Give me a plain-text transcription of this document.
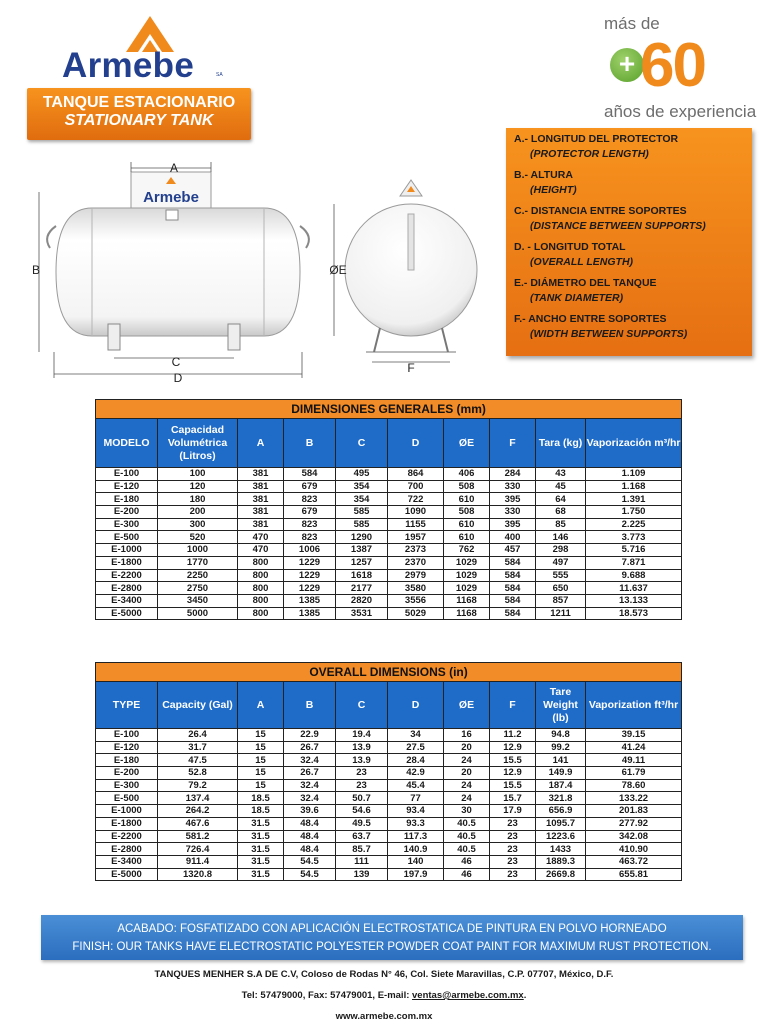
Armebe	SA
más de
+ 60
años de experiencia
TANQUE ESTACIONARIO
STATIONARY TANK
A.- LONGITUD DEL PROTECTOR
(PROTECTOR LENGTH)
B.- ALTURA
(HEIGHT)
C.- DISTANCIA ENTRE SOPORTES
(DISTANCE BETWEEN SUPPORTS)
D. - LONGITUD TOTAL
(OVERALL LENGTH)
E.- DIÁMETRO DEL TANQUE
(TANK DIAMETER)
F.- ANCHO ENTRE SOPORTES
(WIDTH BETWEEN SUPPORTS)
Armebe
A
B
C
D
ØE
F
DIMENSIONES GENERALES (mm)									
MODELO	Capacidad Volumétrica (Litros)	A	B	C	D	ØE	F	Tara (kg)	Vaporización m³/hr
E-100	100	381	584	495	864	406	284	43	1.109
E-120	120	381	679	354	700	508	330	45	1.168
E-180	180	381	823	354	722	610	395	64	1.391
E-200	200	381	679	585	1090	508	330	68	1.750
E-300	300	381	823	585	1155	610	395	85	2.225
E-500	520	470	823	1290	1957	610	400	146	3.773
E-1000	1000	470	1006	1387	2373	762	457	298	5.716
E-1800	1770	800	1229	1257	2370	1029	584	497	7.871
E-2200	2250	800	1229	1618	2979	1029	584	555	9.688
E-2800	2750	800	1229	2177	3580	1029	584	650	11.637
E-3400	3450	800	1385	2820	3556	1168	584	857	13.133
E-5000	5000	800	1385	3531	5029	1168	584	1211	18.573
OVERALL DIMENSIONS (in)									
TYPE	Capacity (Gal)	A	B	C	D	ØE	F	Tare Weight (lb)	Vaporization ft³/hr
E-100	26.4	15	22.9	19.4	34	16	11.2	94.8	39.15
E-120	31.7	15	26.7	13.9	27.5	20	12.9	99.2	41.24
E-180	47.5	15	32.4	13.9	28.4	24	15.5	141	49.11
E-200	52.8	15	26.7	23	42.9	20	12.9	149.9	61.79
E-300	79.2	15	32.4	23	45.4	24	15.5	187.4	78.60
E-500	137.4	18.5	32.4	50.7	77	24	15.7	321.8	133.22
E-1000	264.2	18.5	39.6	54.6	93.4	30	17.9	656.9	201.83
E-1800	467.6	31.5	48.4	49.5	93.3	40.5	23	1095.7	277.92
E-2200	581.2	31.5	48.4	63.7	117.3	40.5	23	1223.6	342.08
E-2800	726.4	31.5	48.4	85.7	140.9	40.5	23	1433	410.90
E-3400	911.4	31.5	54.5	111	140	46	23	1889.3	463.72
E-5000	1320.8	31.5	54.5	139	197.9	46	23	2669.8	655.81
ACABADO: FOSFATIZADO CON APLICACIÓN ELECTROSTATICA DE PINTURA EN POLVO HORNEADO
FINISH: OUR TANKS HAVE ELECTROSTATIC POLYESTER POWDER COAT PAINT FOR MAXIMUM RUST PROTECTION.
TANQUES MENHER S.A DE C.V, Coloso de Rodas N° 46, Col. Siete Maravillas, C.P. 07707, México, D.F.
Tel: 57479000, Fax: 57479001, E-mail: ventas@armebe.com.mx.
www.armebe.com.mx
